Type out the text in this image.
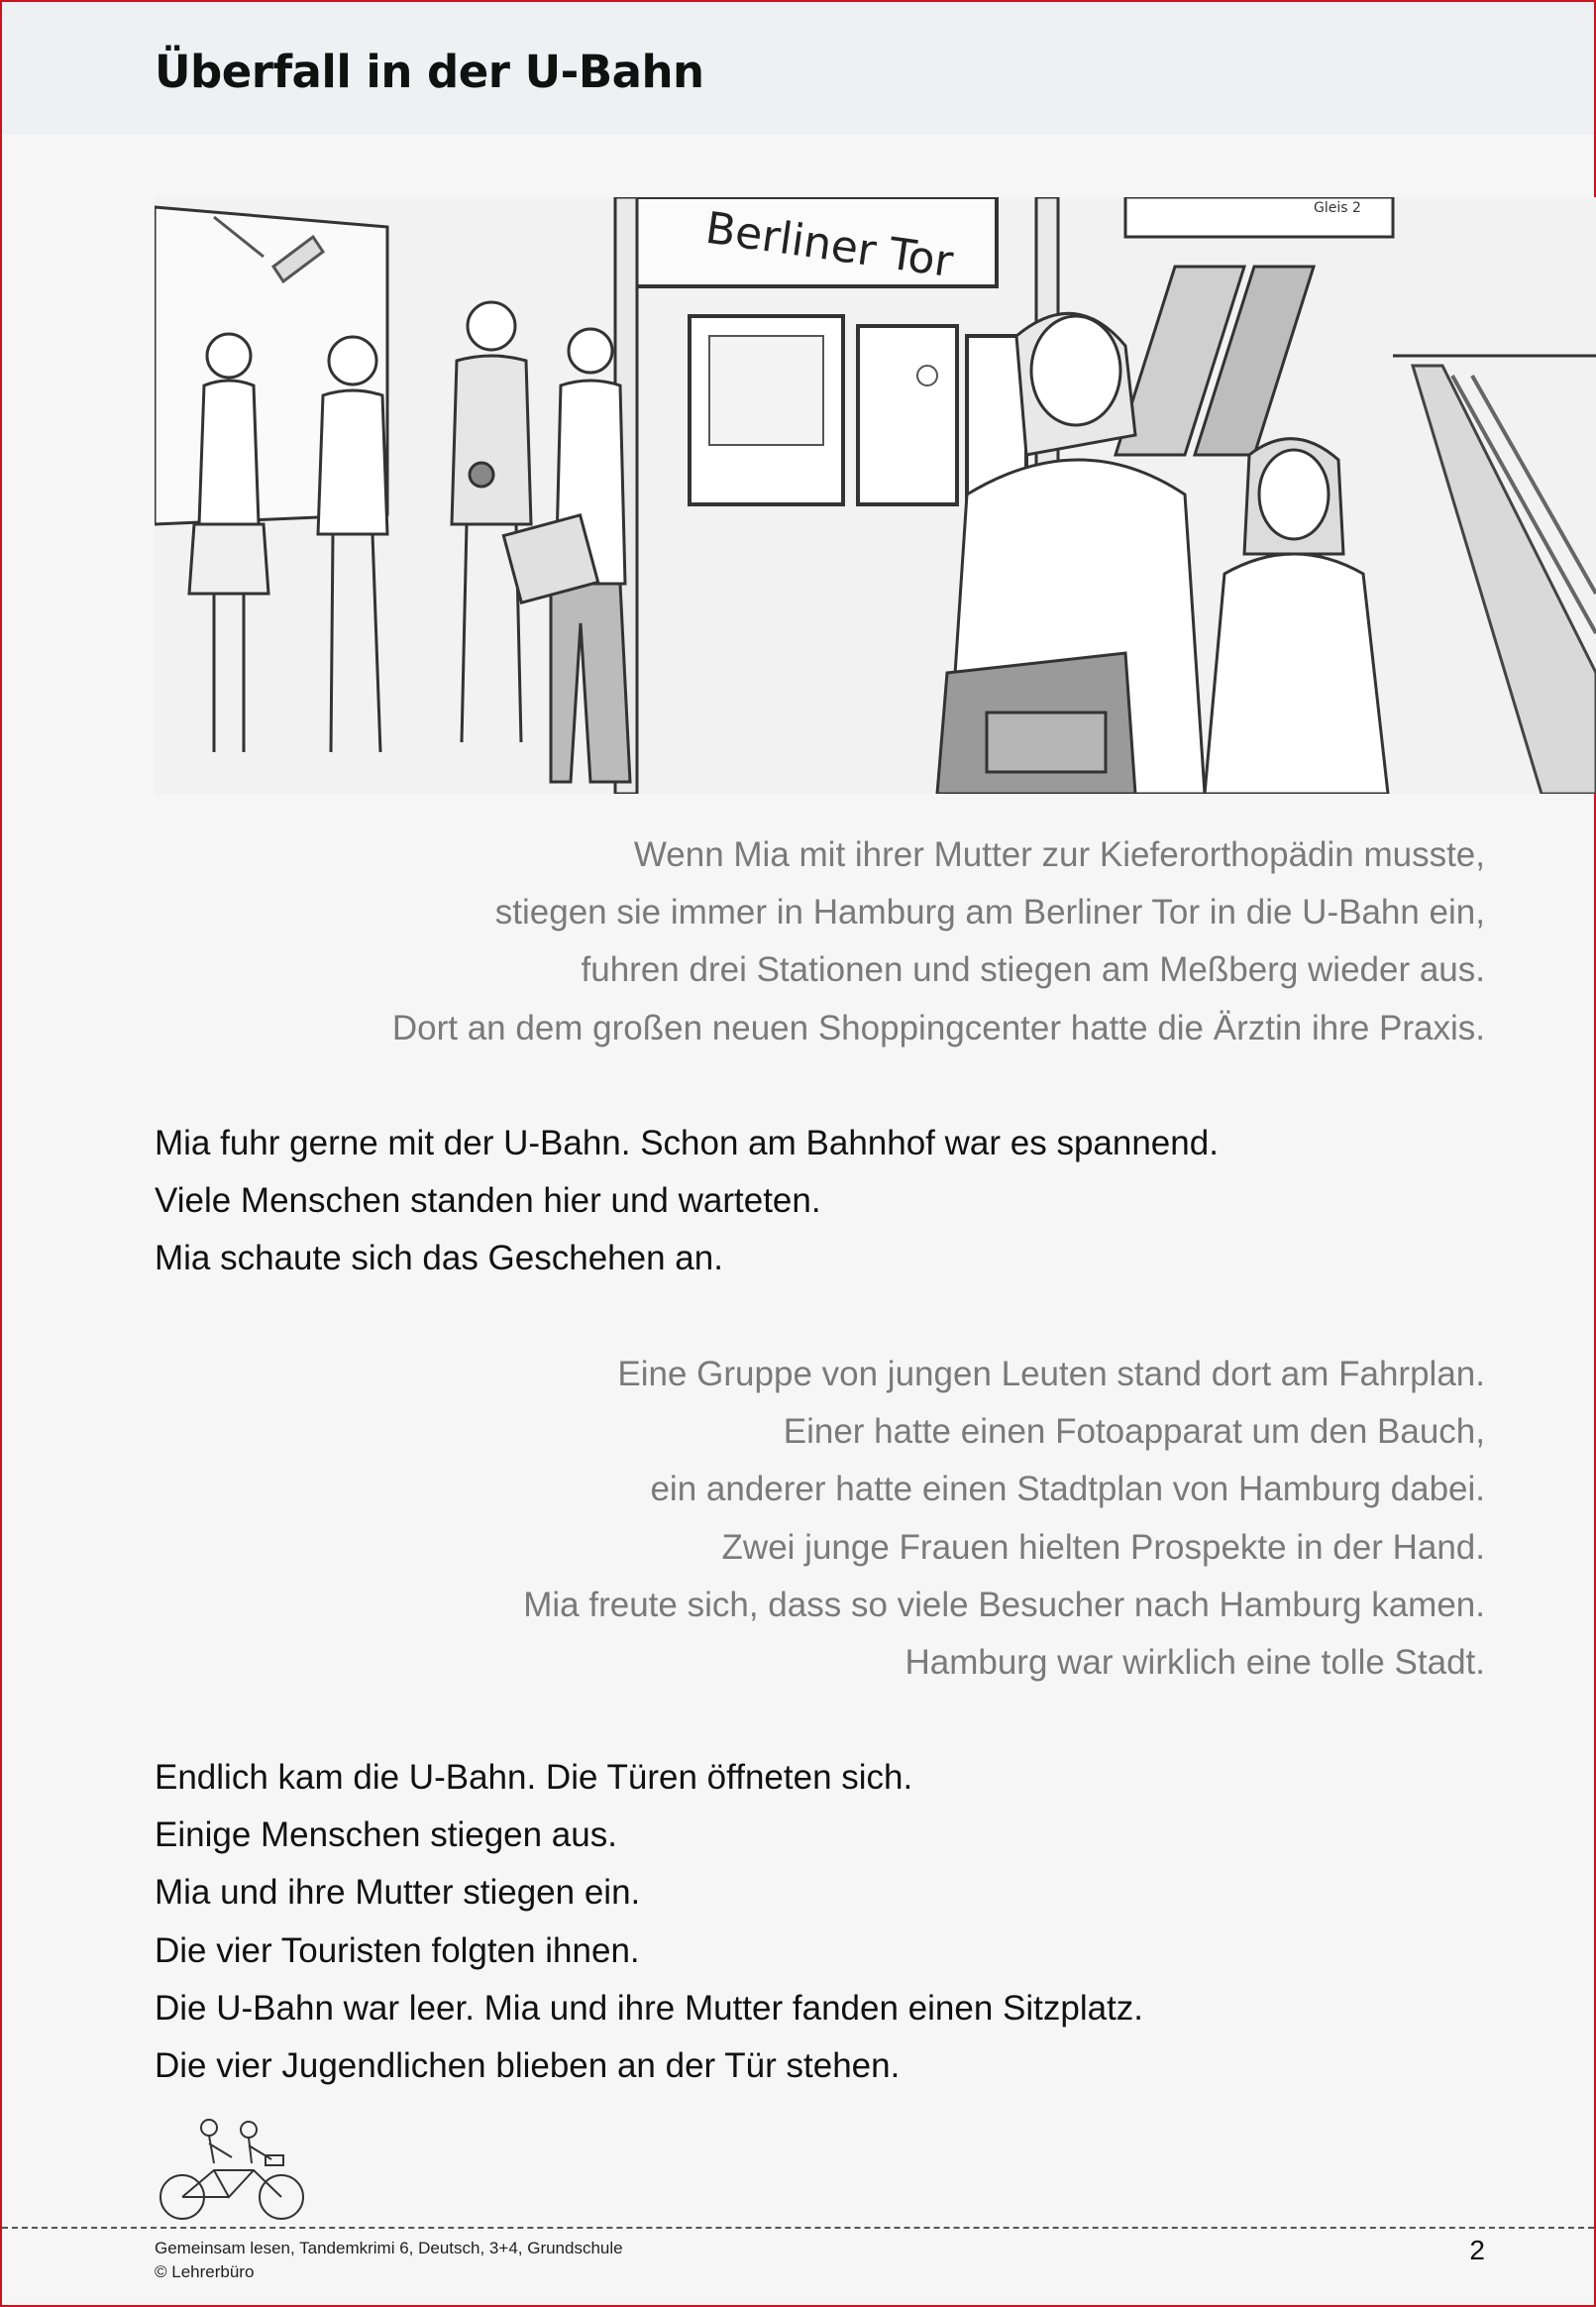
Überfall in der U-Bahn
Berliner Tor	Gleis 2
Wenn Mia mit ihrer Mutter zur Kieferorthopädin musste,
stiegen sie immer in Hamburg am Berliner Tor in die U-Bahn ein,
fuhren drei Stationen und stiegen am Meßberg wieder aus.
Dort an dem großen neuen Shoppingcenter hatte die Ärztin ihre Praxis.
Mia fuhr gerne mit der U-Bahn. Schon am Bahnhof war es spannend.
Viele Menschen standen hier und warteten.
Mia schaute sich das Geschehen an.
Eine Gruppe von jungen Leuten stand dort am Fahrplan.
Einer hatte einen Fotoapparat um den Bauch,
ein anderer hatte einen Stadtplan von Hamburg dabei.
Zwei junge Frauen hielten Prospekte in der Hand.
Mia freute sich, dass so viele Besucher nach Hamburg kamen.
Hamburg war wirklich eine tolle Stadt.
Endlich kam die U-Bahn. Die Türen öffneten sich.
Einige Menschen stiegen aus.
Mia und ihre Mutter stiegen ein.
Die vier Touristen folgten ihnen.
Die U-Bahn war leer. Mia und ihre Mutter fanden einen Sitzplatz.
Die vier Jugendlichen blieben an der Tür stehen.
Gemeinsam lesen, Tandemkrimi 6, Deutsch, 3+4, Grundschule
© Lehrerbüro
2
